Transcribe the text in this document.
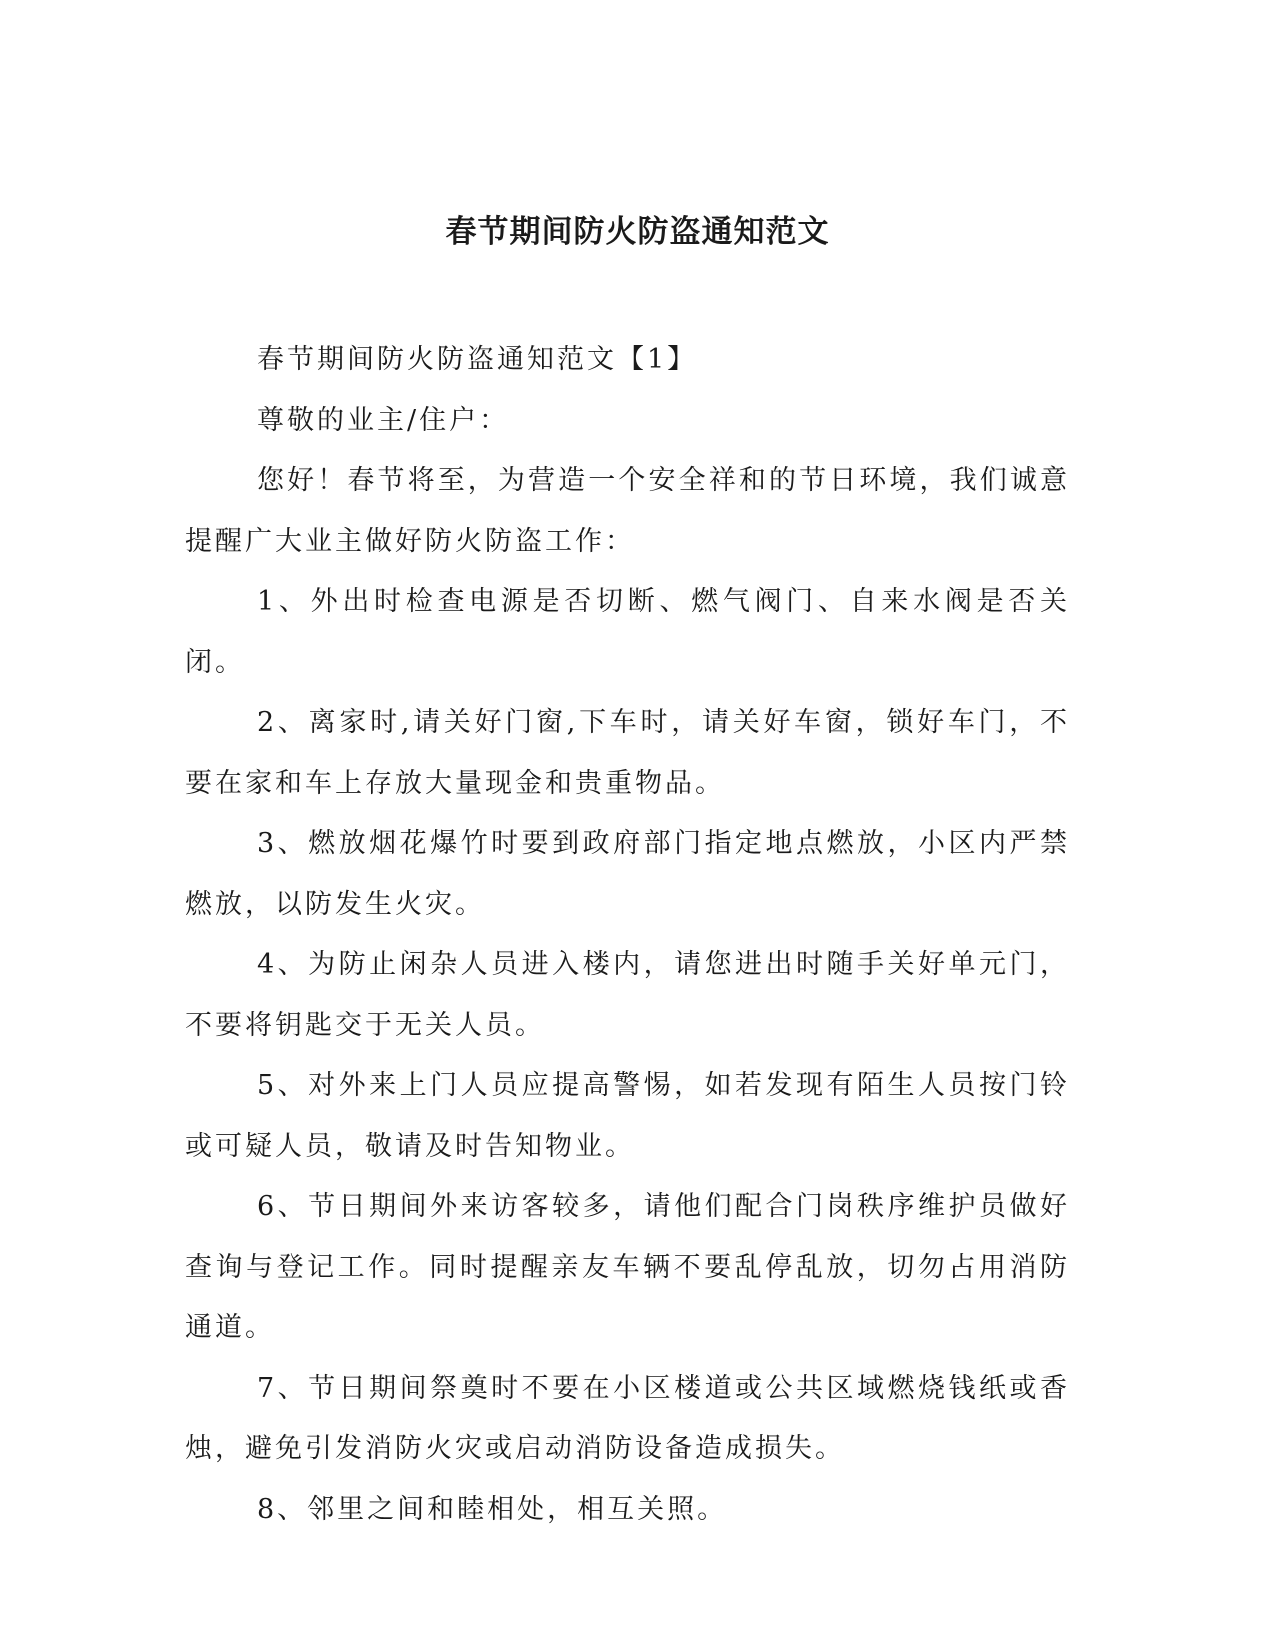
春节期间防火防盗通知范文

春节期间防火防盗通知范文【1】

尊敬的业主/住户：

您好！春节将至，为营造一个安全祥和的节日环境，我们诚意提醒广大业主做好防火防盗工作：

1、外出时检查电源是否切断、燃气阀门、自来水阀是否关闭。

2、离家时,请关好门窗,下车时，请关好车窗，锁好车门，不要在家和车上存放大量现金和贵重物品。

3、燃放烟花爆竹时要到政府部门指定地点燃放，小区内严禁燃放，以防发生火灾。

4、为防止闲杂人员进入楼内，请您进出时随手关好单元门，不要将钥匙交于无关人员。

5、对外来上门人员应提高警惕，如若发现有陌生人员按门铃或可疑人员，敬请及时告知物业。

6、节日期间外来访客较多，请他们配合门岗秩序维护员做好查询与登记工作。同时提醒亲友车辆不要乱停乱放，切勿占用消防通道。

7、节日期间祭奠时不要在小区楼道或公共区域燃烧钱纸或香烛，避免引发消防火灾或启动消防设备造成损失。

8、邻里之间和睦相处，相互关照。
